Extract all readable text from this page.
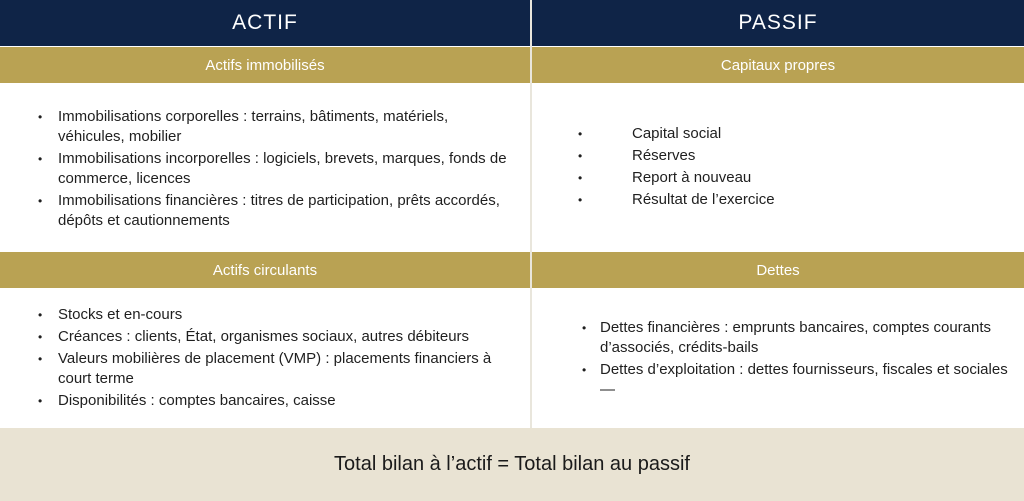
ACTIF
Actifs immobilisés
• Immobilisations corporelles : terrains, bâtiments, matériels, véhicules, mobilier
• Immobilisations incorporelles : logiciels, brevets, marques, fonds de commerce, licences
• Immobilisations financières : titres de participation, prêts accordés, dépôts et cautionnements
Actifs circulants
• Stocks et en-cours
• Créances : clients, État, organismes sociaux, autres débiteurs
• Valeurs mobilières de placement (VMP) : placements financiers à court terme
• Disponibilités : comptes bancaires, caisse
PASSIF
Capitaux propres
•	Capital social
•	Réserves
•	Report à nouveau
•	Résultat de l’exercice
Dettes
• Dettes financières : emprunts bancaires, comptes courants d’associés, crédits-bails
• Dettes d’exploitation : dettes fournisseurs, fiscales et sociales —
Total bilan à l’actif = Total bilan au passif
